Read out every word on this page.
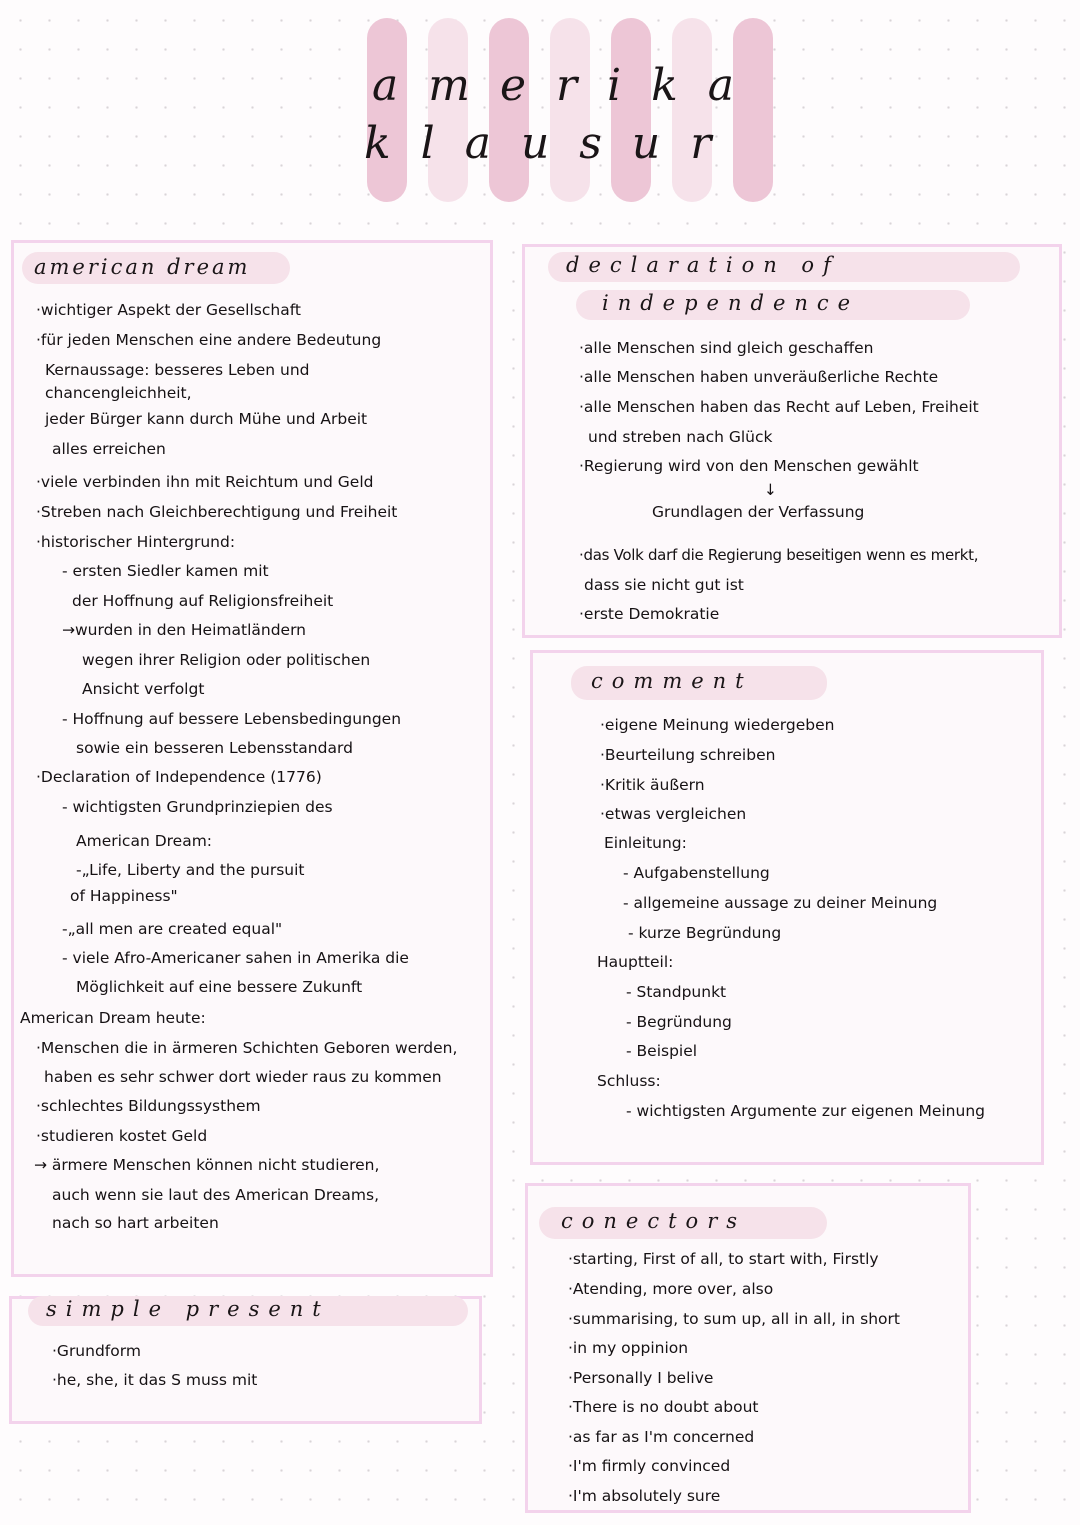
amerika
klausur
american dream
·wichtiger Aspekt der Gesellschaft
·für jeden Menschen eine andere Bedeutung
Kernaussage: besseres Leben und
chancengleichheit,
jeder Bürger kann durch Mühe und Arbeit
alles erreichen
·viele verbinden ihn mit Reichtum und Geld
·Streben nach Gleichberechtigung und Freiheit
·historischer Hintergrund:
- ersten Siedler kamen mit
der Hoffnung auf Religionsfreiheit
→wurden in den Heimatländern
wegen ihrer Religion oder politischen
Ansicht verfolgt
- Hoffnung auf bessere Lebensbedingungen
sowie ein besseren Lebensstandard
·Declaration of Independence (1776)
- wichtigsten Grundprinziepien des
American Dream:
-„Life, Liberty and the pursuit
of Happiness"
-„all men are created equal"
- viele Afro-Americaner sahen in Amerika die
Möglichkeit auf eine bessere Zukunft
American Dream heute:
·Menschen die in ärmeren Schichten Geboren werden,
haben es sehr schwer dort wieder raus zu kommen
·schlechtes Bildungssysthem
·studieren kostet Geld
→ ärmere Menschen können nicht studieren,
auch wenn sie laut des American Dreams,
nach so hart arbeiten
simple present
·Grundform
·he, she, it das S muss mit
declaration of
independence
·alle Menschen sind gleich geschaffen
·alle Menschen haben unveräußerliche Rechte
·alle Menschen haben das Recht auf Leben, Freiheit
und streben nach Glück
·Regierung wird von den Menschen gewählt
↓
Grundlagen der Verfassung
·das Volk darf die Regierung beseitigen wenn es merkt,
dass sie nicht gut ist
·erste Demokratie
comment
·eigene Meinung wiedergeben
·Beurteilung schreiben
·Kritik äußern
·etwas vergleichen
Einleitung:
- Aufgabenstellung
- allgemeine aussage zu deiner Meinung
- kurze Begründung
Hauptteil:
- Standpunkt
- Begründung
- Beispiel
Schluss:
- wichtigsten Argumente zur eigenen Meinung
conectors
·starting, First of all, to start with, Firstly
·Atending, more over, also
·summarising, to sum up, all in all, in short
·in my oppinion
·Personally I belive
·There is no doubt about
·as far as I'm concerned
·I'm firmly convinced
·I'm absolutely sure
